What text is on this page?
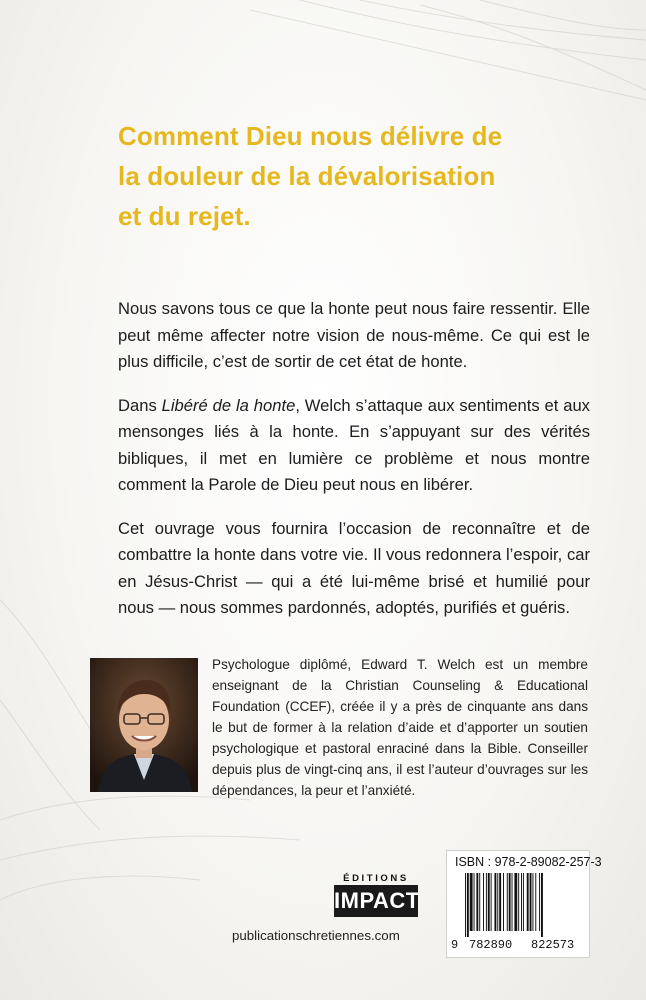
Comment Dieu nous délivre de
la douleur de la dévalorisation
et du rejet.

Nous savons tous ce que la honte peut nous faire ressentir. Elle peut même affecter notre vision de nous-même. Ce qui est le plus difficile, c’est de sortir de cet état de honte.

Dans Libéré de la honte, Welch s’attaque aux sentiments et aux mensonges liés à la honte. En s’appuyant sur des vérités bibliques, il met en lumière ce problème et nous montre comment la Parole de Dieu peut nous en libérer.

Cet ouvrage vous fournira l’occasion de reconnaître et de combattre la honte dans votre vie. Il vous redonnera l’espoir, car en Jésus-Christ — qui a été lui-même brisé et humilié pour nous — nous sommes pardonnés, adoptés, purifiés et guéris.

Psychologue diplômé, Edward T. Welch est un membre enseignant de la Christian Counseling & Educational Foundation (CCEF), créée il y a près de cinquante ans dans le but de former à la relation d’aide et d’apporter un soutien psychologique et pastoral enraciné dans la Bible. Conseiller depuis plus de vingt-cinq ans, il est l’auteur d’ouvrages sur les dépendances, la peur et l’anxiété.

ÉDITIONS
IMPACT
publicationschretiennes.com
ISBN : 978-2-89082-257-3
9 782890 822573
